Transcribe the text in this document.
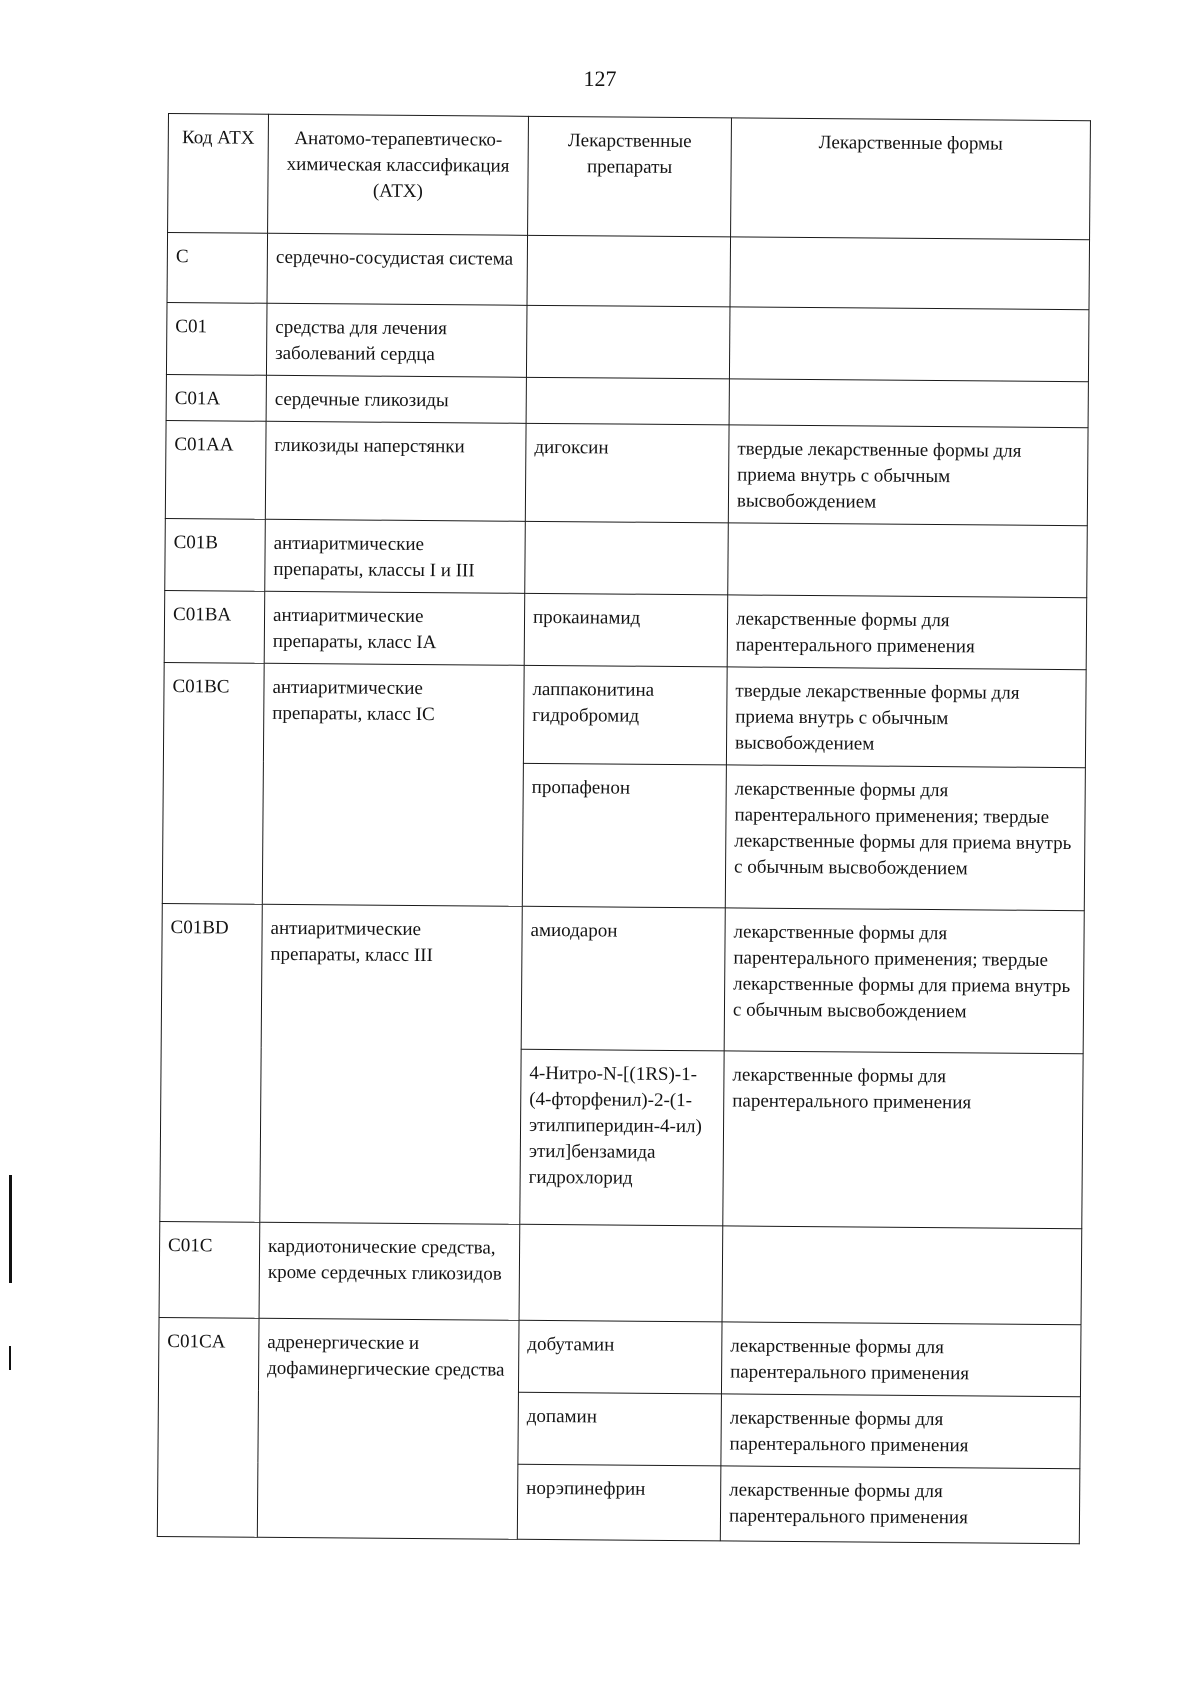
127
Код АТХ	Анатомо-терапевтическо-химическая классификация (АТХ)	Лекарственные препараты	Лекарственные формы
C	сердечно-сосудистая система		
C01	средства для лечения заболеваний сердца		
C01A	сердечные гликозиды		
C01AA	гликозиды наперстянки	дигоксин	твердые лекарственные формы для приема внутрь с обычным высвобождением
C01B	антиаритмические препараты, классы I и III		
C01BA	антиаритмические препараты, класс IA	прокаинамид	лекарственные формы для парентерального применения
C01BC	антиаритмические препараты, класс IC	лаппаконитина гидробромид	твердые лекарственные формы для приема внутрь с обычным высвобождением
		пропафенон	лекарственные формы для парентерального применения; твердые лекарственные формы для приема внутрь с обычным высвобождением
C01BD	антиаритмические препараты, класс III	амиодарон	лекарственные формы для парентерального применения; твердые лекарственные формы для приема внутрь с обычным высвобождением
		4-Нитро-N-[(1RS)-1-(4-фторфенил)-2-(1-этилпиперидин-4-ил) этил]бензамида гидрохлорид	лекарственные формы для парентерального применения
C01C	кардиотонические средства, кроме сердечных гликозидов		
C01CA	адренергические и дофаминергические средства	добутамин	лекарственные формы для парентерального применения
		допамин	лекарственные формы для парентерального применения
		норэпинефрин	лекарственные формы для парентерального применения
